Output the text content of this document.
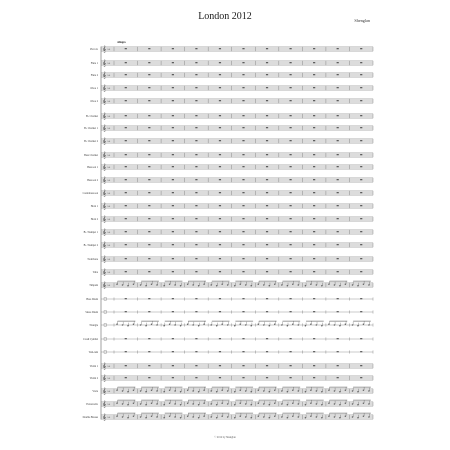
London 2012	Shenglan
Allegro
Piccolo 𝄞 ♭♭
Flute 1 𝄞 ♭♭
Flute 2 𝄞 ♭♭
Oboe 1 𝄞 ♭♭
Oboe 2 𝄞 ♭♭
B♭ Clarinet 𝄞 ♭♭
B♭ Clarinet 1 𝄞 ♭♭
B♭ Clarinet 2 𝄞 ♭♭
Bass Clarinet 𝄞 ♭♭
Bassoon 1 𝄞 ♭♭
Bassoon 2 𝄞 ♭♭
Contrabassoon 𝄞 ♭♭
Horn 1 𝄞 ♭♭
Horn 2 𝄞 ♭♭
B♭ Trumpet 1 𝄞 ♭♭
B♭ Trumpet 2 𝄞 ♭♭
Trombone 𝄞 ♭♭
Tuba 𝄞 ♭♭
Timpani 𝄞 ♭♭
Bass Drum
Snare Drum
Triangle
Crash Cymbal
Tam-tam
Violin 1 𝄞 ♭♭
Violin 2 𝄞 ♭♭
Viola 𝄞 ♭♭
Violoncello 𝄞 ♭♭
Double Basses 𝄞 ♭♭
© 2012 by Shenglan
